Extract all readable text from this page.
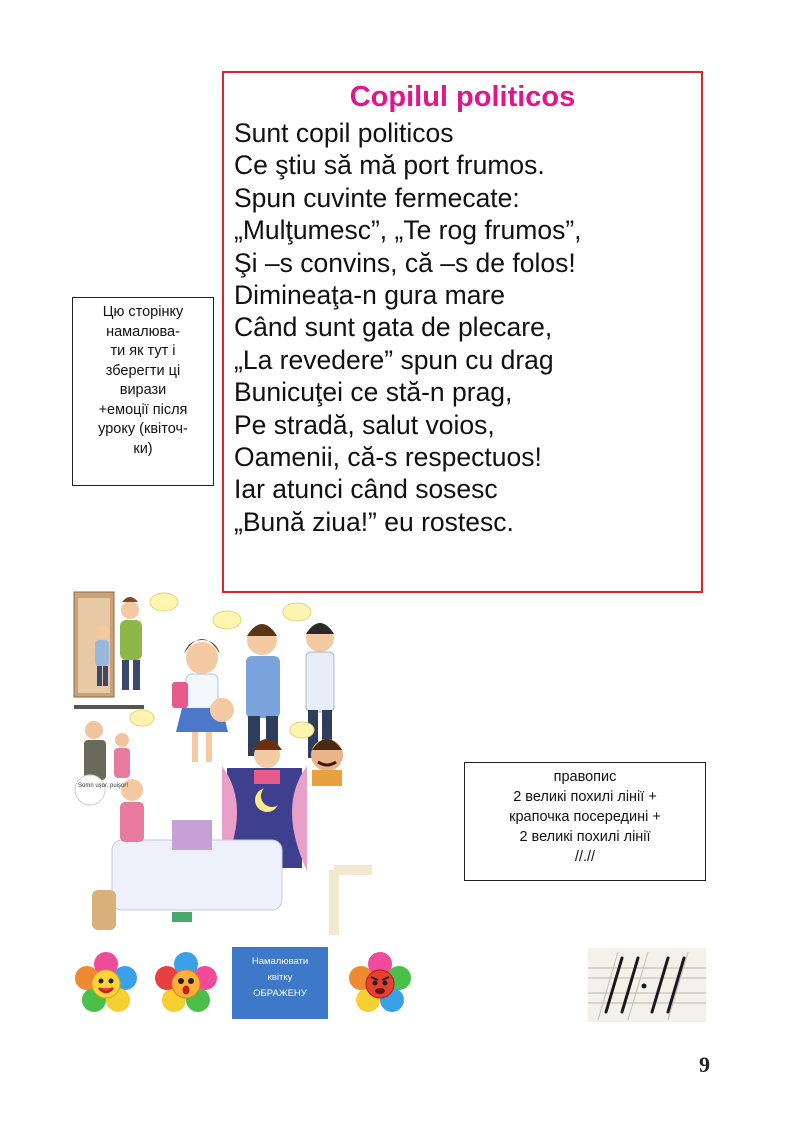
Copilul politicos
Sunt copil politicos
Ce ştiu să mă port frumos.
Spun cuvinte fermecate:
„Mulţumesc”, „Te rog frumos”,
Şi –s convins, că –s de folos!
Dimineaţa-n gura mare
Când sunt gata de plecare,
„La revedere” spun cu drag
Bunicuţei ce stă-n prag,
Pe stradă, salut voios,
Oamenii, că-s respectuos!
Iar atunci când sosesc
„Bună ziua!” eu rostesc.
Цю сторінку
намалюва-
ти як тут і
зберегти ці
вирази
+емоції після
уроку (квіточ-
ки)
Somn uşor, puişor!
Намалювати
квітку
ОБРАЖЕНУ
правопис
2 великі похилі лінії +
крапочка посередині +
2 великі похилі лінії
//.//
9
